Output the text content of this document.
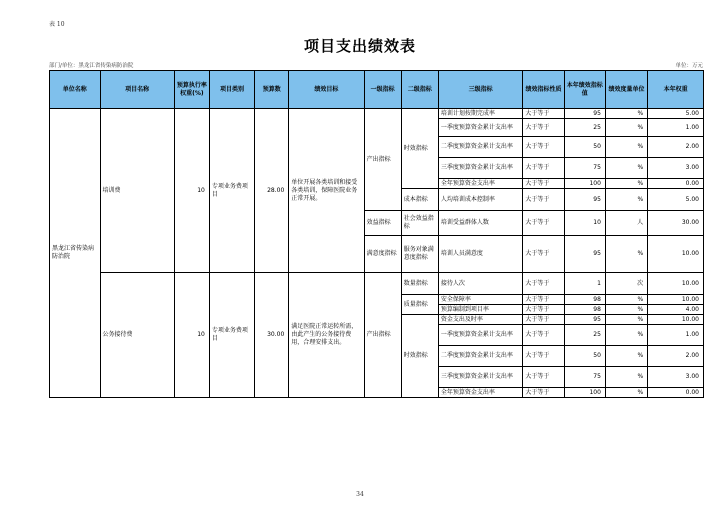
表 10
项目支出绩效表
部门/单位：黑龙江省传染病防治院	单位：万元
单位名称	项目名称	预算执行率权重(%)	项目类别	预算数	绩效目标	一级指标	二级指标	三级指标	绩效指标性质	本年绩效指标值	绩效度量单位	本年权重
黑龙江省传染病防治院	培训费	10	专项业务费项目	28.00	单位开展各类培训和接受各类培训，保障医院业务正常开展。	产出指标	时效指标	培训计划按期完成率	大于等于	95	%	5.00
								一季度预算资金累计支出率	大于等于	25	%	1.00
								二季度预算资金累计支出率	大于等于	50	%	2.00
								三季度预算资金累计支出率	大于等于	75	%	3.00
								全年预算资金支出率	大于等于	100	%	0.00
							成本指标	人均培训成本控制率	大于等于	95	%	5.00
						效益指标	社会效益指标	培训受益群体人数	大于等于	10	人	30.00
						满意度指标	服务对象满意度指标	培训人员满意度	大于等于	95	%	10.00
	公务接待费	10	专项业务费项目	30.00	满足医院正常运转所需，由此产生的公务接待费用，合理安排支出。	产出指标	数量指标	接待人次	大于等于	1	次	10.00
							质量指标	安全保障率	大于等于	98	%	10.00
								预算编制到项目率	大于等于	98	%	4.00
							时效指标	资金支出及时率	大于等于	95	%	10.00
								一季度预算资金累计支出率	大于等于	25	%	1.00
								二季度预算资金累计支出率	大于等于	50	%	2.00
								三季度预算资金累计支出率	大于等于	75	%	3.00
								全年预算资金支出率	大于等于	100	%	0.00
34
